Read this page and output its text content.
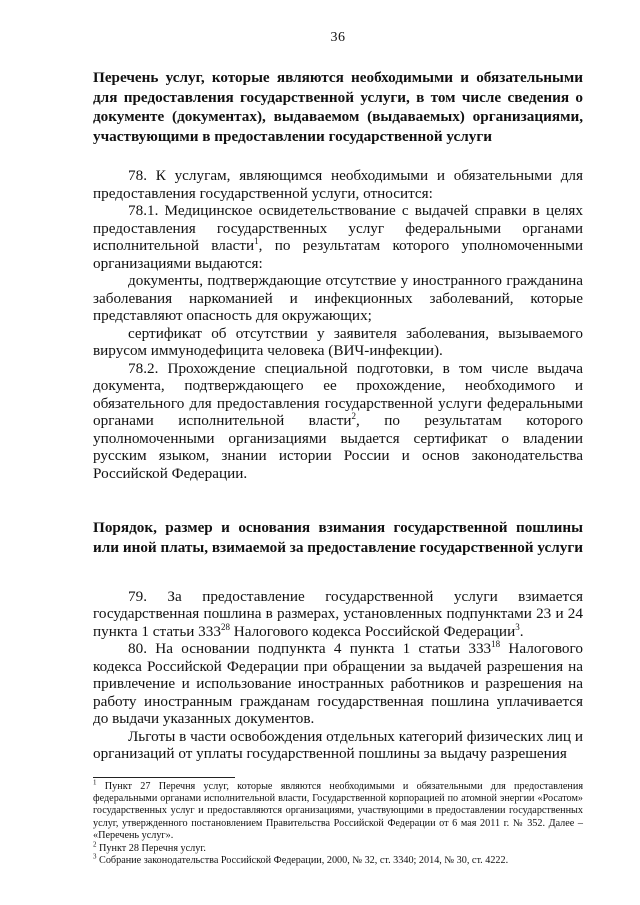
36

Перечень услуг, которые являются необходимыми и обязательными для предоставления государственной услуги, в том числе сведения о документе (документах), выдаваемом (выдаваемых) организациями, участвующими в предоставлении государственной услуги

78. К услугам, являющимся необходимыми и обязательными для предоставления государственной услуги, относится:

78.1. Медицинское освидетельствование с выдачей справки в целях предоставления государственных услуг федеральными органами исполнительной власти$^1$, по результатам которого уполномоченными организациями выдаются:

документы, подтверждающие отсутствие у иностранного гражданина заболевания наркоманией и инфекционных заболеваний, которые представляют опасность для окружающих;

сертификат об отсутствии у заявителя заболевания, вызываемого вирусом иммунодефицита человека (ВИЧ-инфекции).

78.2. Прохождение специальной подготовки, в том числе выдача документа, подтверждающего ее прохождение, необходимого и обязательного для предоставления государственной услуги федеральными органами исполнительной власти$^2$, по результатам которого уполномоченными организациями выдается сертификат о владении русским языком, знании истории России и основ законодательства Российской Федерации.

Порядок, размер и основания взимания государственной пошлины или иной платы, взимаемой за предоставление государственной услуги

79. За предоставление государственной услуги взимается государственная пошлина в размерах, установленных подпунктами 23 и 24 пункта 1 статьи $333^{28}$ Налогового кодекса Российской Федерации$^3$.

80. На основании подпункта 4 пункта 1 статьи $333^{18}$ Налогового кодекса Российской Федерации при обращении за выдачей разрешения на привлечение и использование иностранных работников и разрешения на работу иностранным гражданам государственная пошлина уплачивается до выдачи указанных документов.

Льготы в части освобождения отдельных категорий физических лиц и организаций от уплаты государственной пошлины за выдачу разрешения

$^1$ Пункт 27 Перечня услуг, которые являются необходимыми и обязательными для предоставления федеральными органами исполнительной власти, Государственной корпорацией по атомной энергии «Росатом» государственных услуг и предоставляются организациями, участвующими в предоставлении государственных услуг, утвержденного постановлением Правительства Российской Федерации от 6 мая 2011 г. № 352. Далее – «Перечень услуг».

$^2$ Пункт 28 Перечня услуг.

$^3$ Собрание законодательства Российской Федерации, 2000, № 32, ст. 3340; 2014, № 30, ст. 4222.
